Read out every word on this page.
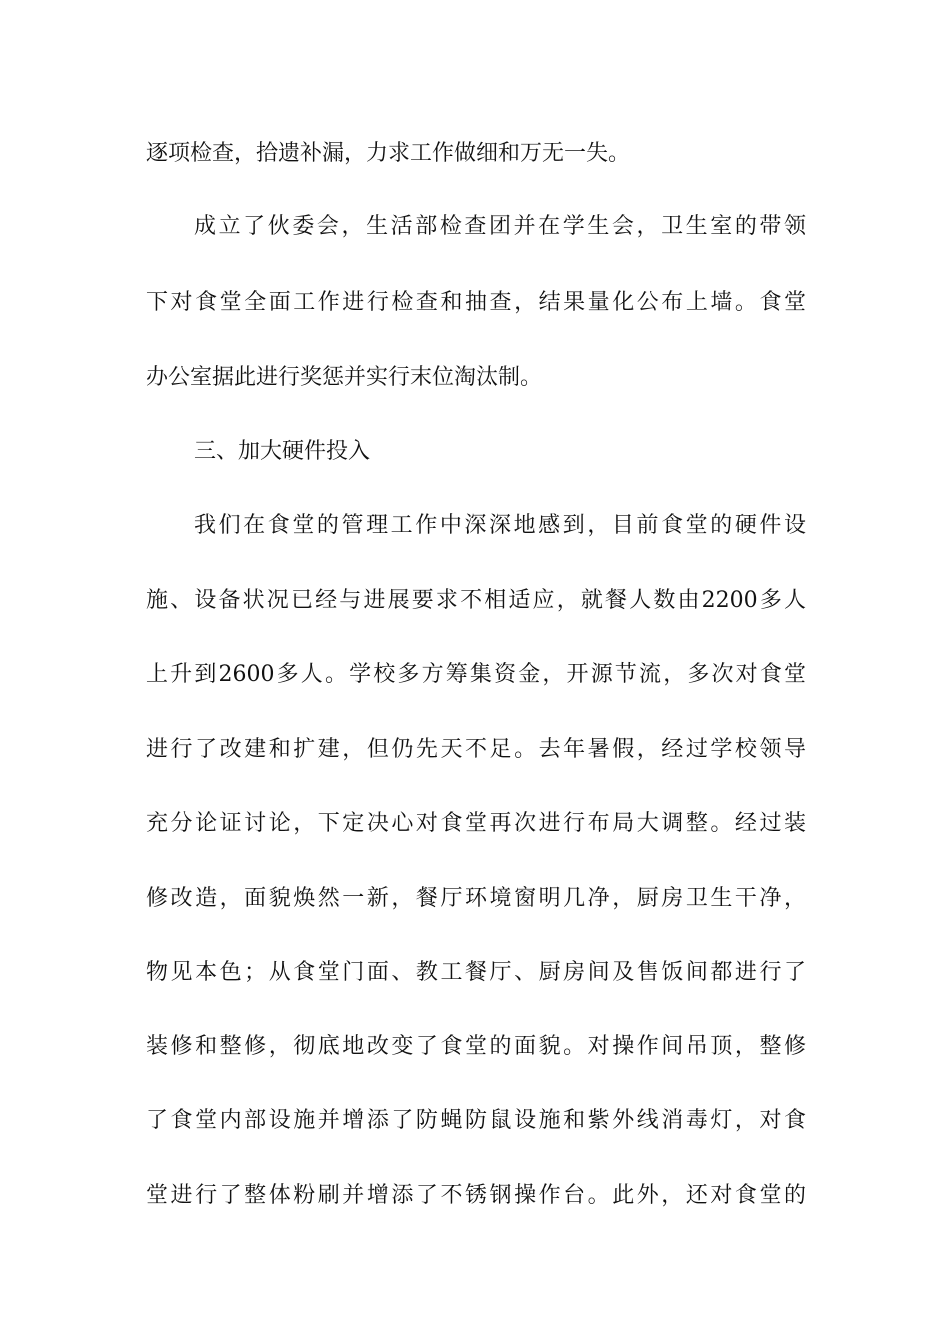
逐项检查，拾遗补漏，力求工作做细和万无一失。
成立了伙委会，生活部检查团并在学生会，卫生室的带领
下对食堂全面工作进行检查和抽查，结果量化公布上墙。食堂
办公室据此进行奖惩并实行末位淘汰制。
三、加大硬件投入
我们在食堂的管理工作中深深地感到，目前食堂的硬件设
施、设备状况已经与进展要求不相适应，就餐人数由2200多人
上升到2600多人。学校多方筹集资金，开源节流，多次对食堂
进行了改建和扩建，但仍先天不足。去年暑假，经过学校领导
充分论证讨论，下定决心对食堂再次进行布局大调整。经过装
修改造，面貌焕然一新，餐厅环境窗明几净，厨房卫生干净，
物见本色；从食堂门面、教工餐厅、厨房间及售饭间都进行了
装修和整修，彻底地改变了食堂的面貌。对操作间吊顶，整修
了食堂内部设施并增添了防蝇防鼠设施和紫外线消毒灯，对食
堂进行了整体粉刷并增添了不锈钢操作台。此外，还对食堂的
